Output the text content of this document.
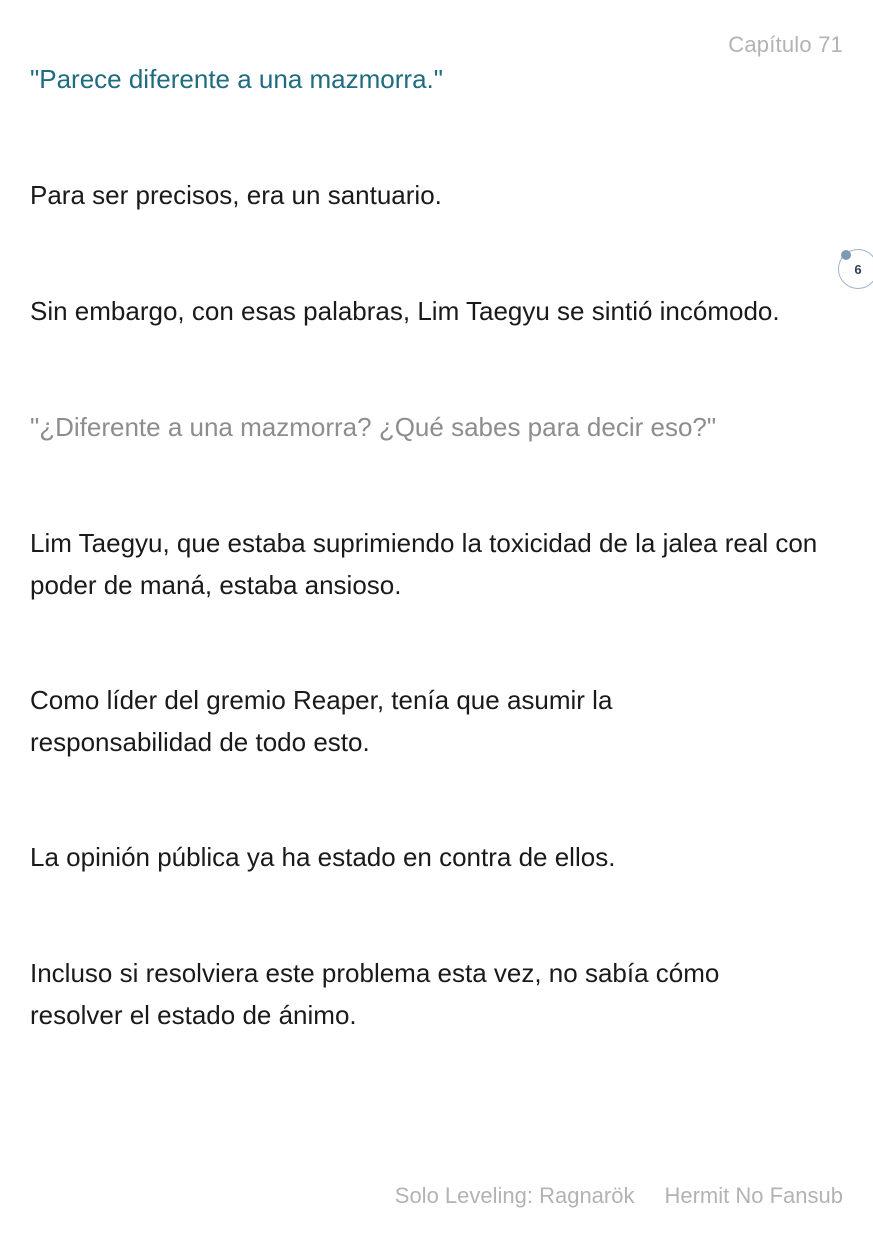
Capítulo 71

"Parece diferente a una mazmorra."

Para ser precisos, era un santuario.

Sin embargo, con esas palabras, Lim Taegyu se sintió incómodo.

"¿Diferente a una mazmorra? ¿Qué sabes para decir eso?"

Lim Taegyu, que estaba suprimiendo la toxicidad de la jalea real con poder de maná, estaba ansioso.

Como líder del gremio Reaper, tenía que asumir la responsabilidad de todo esto.

La opinión pública ya ha estado en contra de ellos.

Incluso si resolviera este problema esta vez, no sabía cómo resolver el estado de ánimo.

6
Solo Leveling: Ragnarök Hermit No Fansub
